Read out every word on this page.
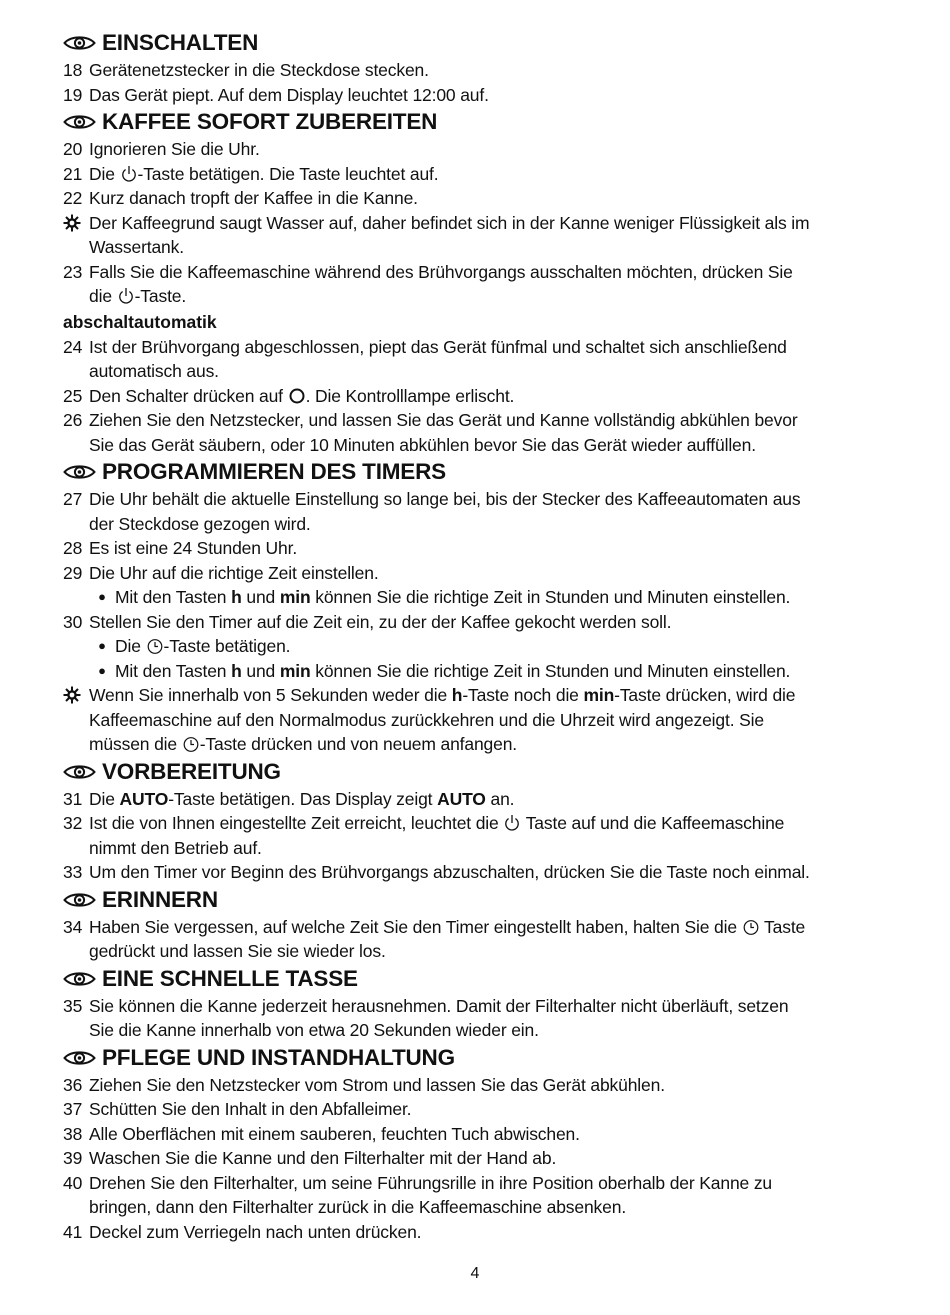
EINSCHALTEN
18 Gerätenetzstecker in die Steckdose stecken.
19 Das Gerät piept. Auf dem Display leuchtet 12:00 auf.
KAFFEE SOFORT ZUBEREITEN
20 Ignorieren Sie die Uhr.
21 Die -Taste betätigen. Die Taste leuchtet auf.
22 Kurz danach tropft der Kaffee in die Kanne.
Der Kaffeegrund saugt Wasser auf, daher befindet sich in der Kanne weniger Flüssigkeit als im
Wassertank.
23 Falls Sie die Kaffeemaschine während des Brühvorgangs ausschalten möchten, drücken Sie
die -Taste.
abschaltautomatik
24 Ist der Brühvorgang abgeschlossen, piept das Gerät fünfmal und schaltet sich anschließend
automatisch aus.
25 Den Schalter drücken auf . Die Kontrolllampe erlischt.
26 Ziehen Sie den Netzstecker, und lassen Sie das Gerät und Kanne vollständig abkühlen bevor
Sie das Gerät säubern, oder 10 Minuten abkühlen bevor Sie das Gerät wieder auffüllen.
PROGRAMMIEREN DES TIMERS
27 Die Uhr behält die aktuelle Einstellung so lange bei, bis der Stecker des Kaffeeautomaten aus
der Steckdose gezogen wird.
28 Es ist eine 24 Stunden Uhr.
29 Die Uhr auf die richtige Zeit einstellen.
● Mit den Tasten h und min können Sie die richtige Zeit in Stunden und Minuten einstellen.
30 Stellen Sie den Timer auf die Zeit ein, zu der der Kaffee gekocht werden soll.
● Die -Taste betätigen.
● Mit den Tasten h und min können Sie die richtige Zeit in Stunden und Minuten einstellen.
Wenn Sie innerhalb von 5 Sekunden weder die h-Taste noch die min-Taste drücken, wird die
Kaffeemaschine auf den Normalmodus zurückkehren und die Uhrzeit wird angezeigt. Sie
müssen die -Taste drücken und von neuem anfangen.
VORBEREITUNG
31 Die AUTO-Taste betätigen. Das Display zeigt AUTO an.
32 Ist die von Ihnen eingestellte Zeit erreicht, leuchtet die  Taste auf und die Kaffeemaschine
nimmt den Betrieb auf.
33 Um den Timer vor Beginn des Brühvorgangs abzuschalten, drücken Sie die Taste noch einmal.
ERINNERN
34 Haben Sie vergessen, auf welche Zeit Sie den Timer eingestellt haben, halten Sie die  Taste
gedrückt und lassen Sie sie wieder los.
EINE SCHNELLE TASSE
35 Sie können die Kanne jederzeit herausnehmen. Damit der Filterhalter nicht überläuft, setzen
Sie die Kanne innerhalb von etwa 20 Sekunden wieder ein.
PFLEGE UND INSTANDHALTUNG
36 Ziehen Sie den Netzstecker vom Strom und lassen Sie das Gerät abkühlen.
37 Schütten Sie den Inhalt in den Abfalleimer.
38 Alle Oberflächen mit einem sauberen, feuchten Tuch abwischen.
39 Waschen Sie die Kanne und den Filterhalter mit der Hand ab.
40 Drehen Sie den Filterhalter, um seine Führungsrille in ihre Position oberhalb der Kanne zu
bringen, dann den Filterhalter zurück in die Kaffeemaschine absenken.
41 Deckel zum Verriegeln nach unten drücken.
4
